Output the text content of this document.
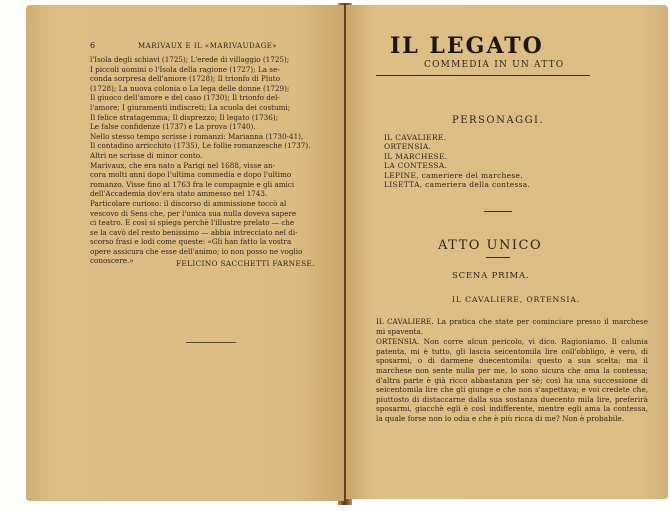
6	MARIVAUX E IL «MARIVAUDAGE»
l'Isola degli schiavi (1725); L'erede di villaggio (1725);
I piccoli uomini o l'Isola della ragione (1727); La se-
conda sorpresa dell'amore (1728); Il trionfo di Pluto
(1728); La nuova colonia o La lega delle donne (1729);
Il giuoco dell'amore e del caso (1730); Il trionfo del-
l'amore; I giuramenti indiscreti; La scuola dei costumi;
Il felice stratagemma; Il disprezzo; Il legato (1736);
Le false confidenze (1737) e La prova (1740).
Nello stesso tempo scrisse i romanzi: Marianna (1730-41),
Il contadino arricchito (1735), Le follie romanzesche (1737).
Altri ne scrisse di minor conto.
Marivaux, che era nato a Parigi nel 1688, visse an-
cora molti anni dopo l'ultima commedia e dopo l'ultimo
romanzo. Visse fino al 1763 fra le compagnie e gli amici
dell'Accademia dov'era stato ammesso nel 1743.
Particolare curioso: il discorso di ammissione toccò al
vescovo di Sens che, per l'unica sua nulla doveva sapere
ci teatro. E così si spiega perchè l'illustre prelato — che
se la cavò del resto benissimo — abbia intrecciato nel di-
scorso frasi e lodi come queste: «Gli han fatto la vostra
opere assicura che esse dell'animo; io non posso ne voglio
conoscere.»	FELICINO SACCHETTI FARNESE.
IL LEGATO
COMMEDIA IN UN ATTO
PERSONAGGI.
IL CAVALIERE.
ORTENSIA.
IL MARCHESE.
LA CONTESSA.
LEPINE, cameriere del marchese.
LISETTA, cameriera della contessa.
ATTO UNICO
SCENA PRIMA.
IL CAVALIERE, ORTENSIA.

IL CAVALIERE. La pratica che state per cominciare presso il marchese mi spaventa.

ORTENSIA. Non corre alcun pericolo, vi dico. Ragioniamo. Il calunia patenta, mi è tutto, gli lascia seicentomila lire coll'obbligo, è vero, di sposarmi, o di darmene duecentomila: questo a sua scelta; ma il marchese non sente nulla per me, lo sono sicura che ama la contessa; d'altra parte è già ricco abbastanza per sè; così ha una successione di seicentomila lire che gli giunge e che non s'aspettava; e voi credete che, piuttosto di distaccarne dalla sua sostanza duecento mila lire, preferirà sposarmi, giacchè egli è così indifferente, mentre egli ama la contessa, la quale forse non lo odia e che è più ricca di me? Non è probabile.
